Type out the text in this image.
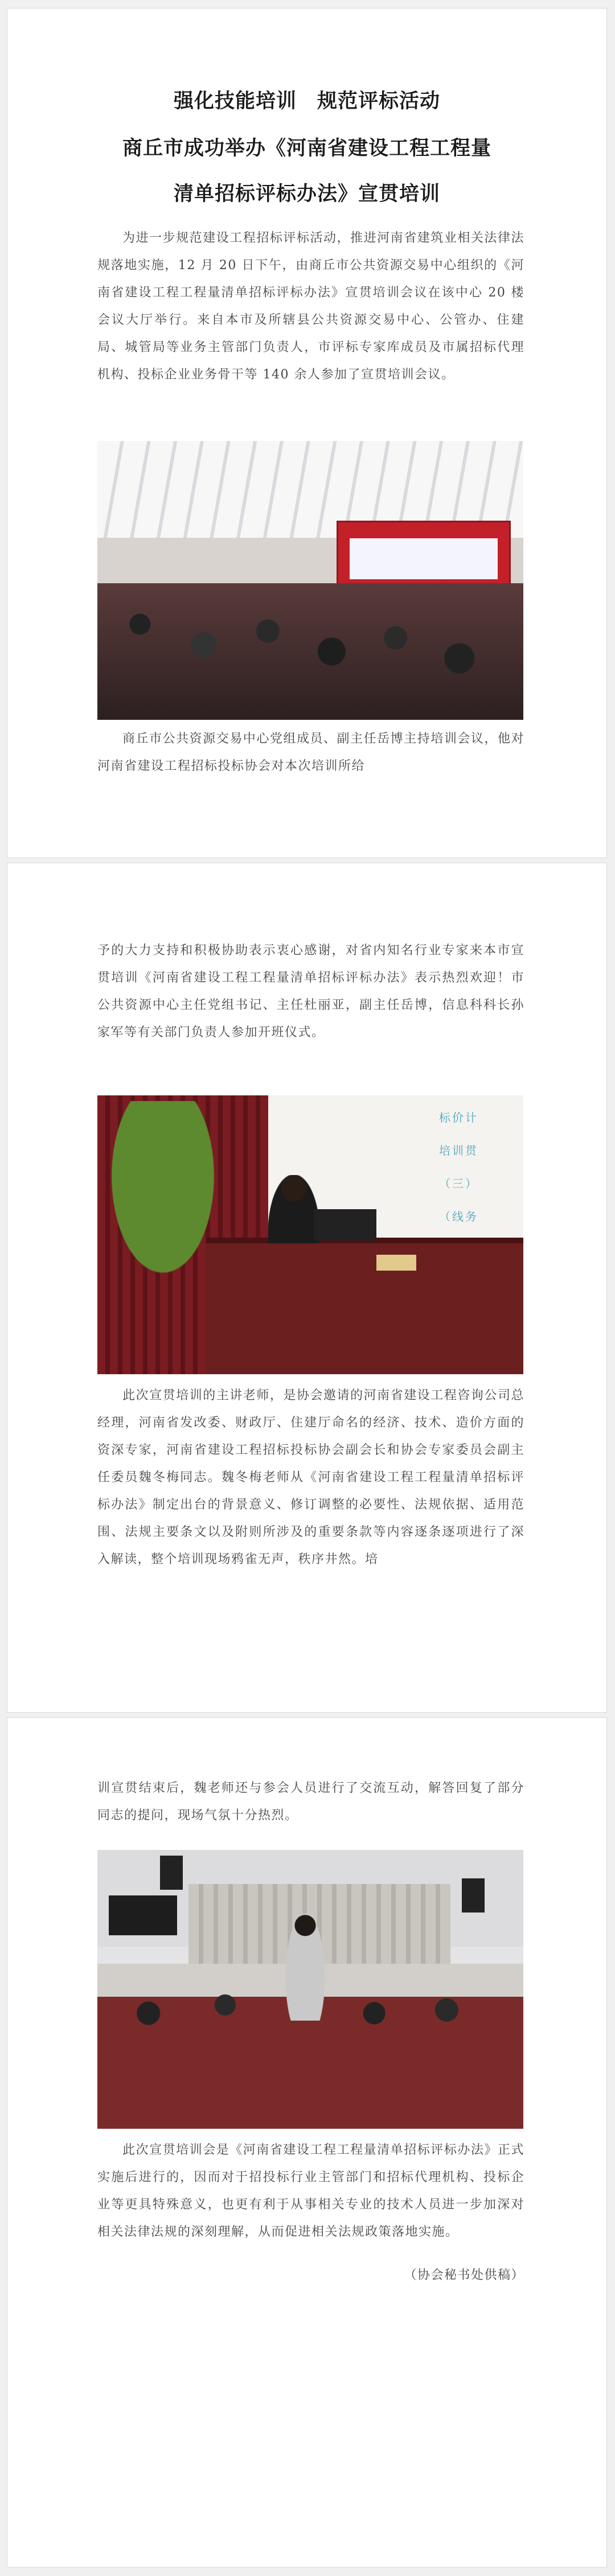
强化技能培训　规范评标活动
商丘市成功举办《河南省建设工程工程量
清单招标评标办法》宣贯培训

为进一步规范建设工程招标评标活动，推进河南省建筑业相关法律法规落地实施，12 月 20 日下午，由商丘市公共资源交易中心组织的《河南省建设工程工程量清单招标评标办法》宣贯培训会议在该中心 20 楼会议大厅举行。来自本市及所辖县公共资源交易中心、公管办、住建局、城管局等业务主管部门负责人，市评标专家库成员及市属招标代理机构、投标企业业务骨干等 140 余人参加了宣贯培训会议。

商丘市公共资源交易中心党组成员、副主任岳博主持培训会议，他对河南省建设工程招标投标协会对本次培训所给

予的大力支持和积极协助表示衷心感谢，对省内知名行业专家来本市宣贯培训《河南省建设工程工程量清单招标评标办法》表示热烈欢迎！市公共资源中心主任党组书记、主任杜丽亚，副主任岳博，信息科科长孙家军等有关部门负责人参加开班仪式。

标价计
培训贯
（三）
（线务

此次宣贯培训的主讲老师，是协会邀请的河南省建设工程咨询公司总经理，河南省发改委、财政厅、住建厅命名的经济、技术、造价方面的资深专家，河南省建设工程招标投标协会副会长和协会专家委员会副主任委员魏冬梅同志。魏冬梅老师从《河南省建设工程工程量清单招标评标办法》制定出台的背景意义、修订调整的必要性、法规依据、适用范围、法规主要条文以及附则所涉及的重要条款等内容逐条逐项进行了深入解读，整个培训现场鸦雀无声，秩序井然。培

训宣贯结束后，魏老师还与参会人员进行了交流互动，解答回复了部分同志的提问，现场气氛十分热烈。

此次宣贯培训会是《河南省建设工程工程量清单招标评标办法》正式实施后进行的，因而对于招投标行业主管部门和招标代理机构、投标企业等更具特殊意义，也更有利于从事相关专业的技术人员进一步加深对相关法律法规的深刻理解，从而促进相关法规政策落地实施。

（协会秘书处供稿）
